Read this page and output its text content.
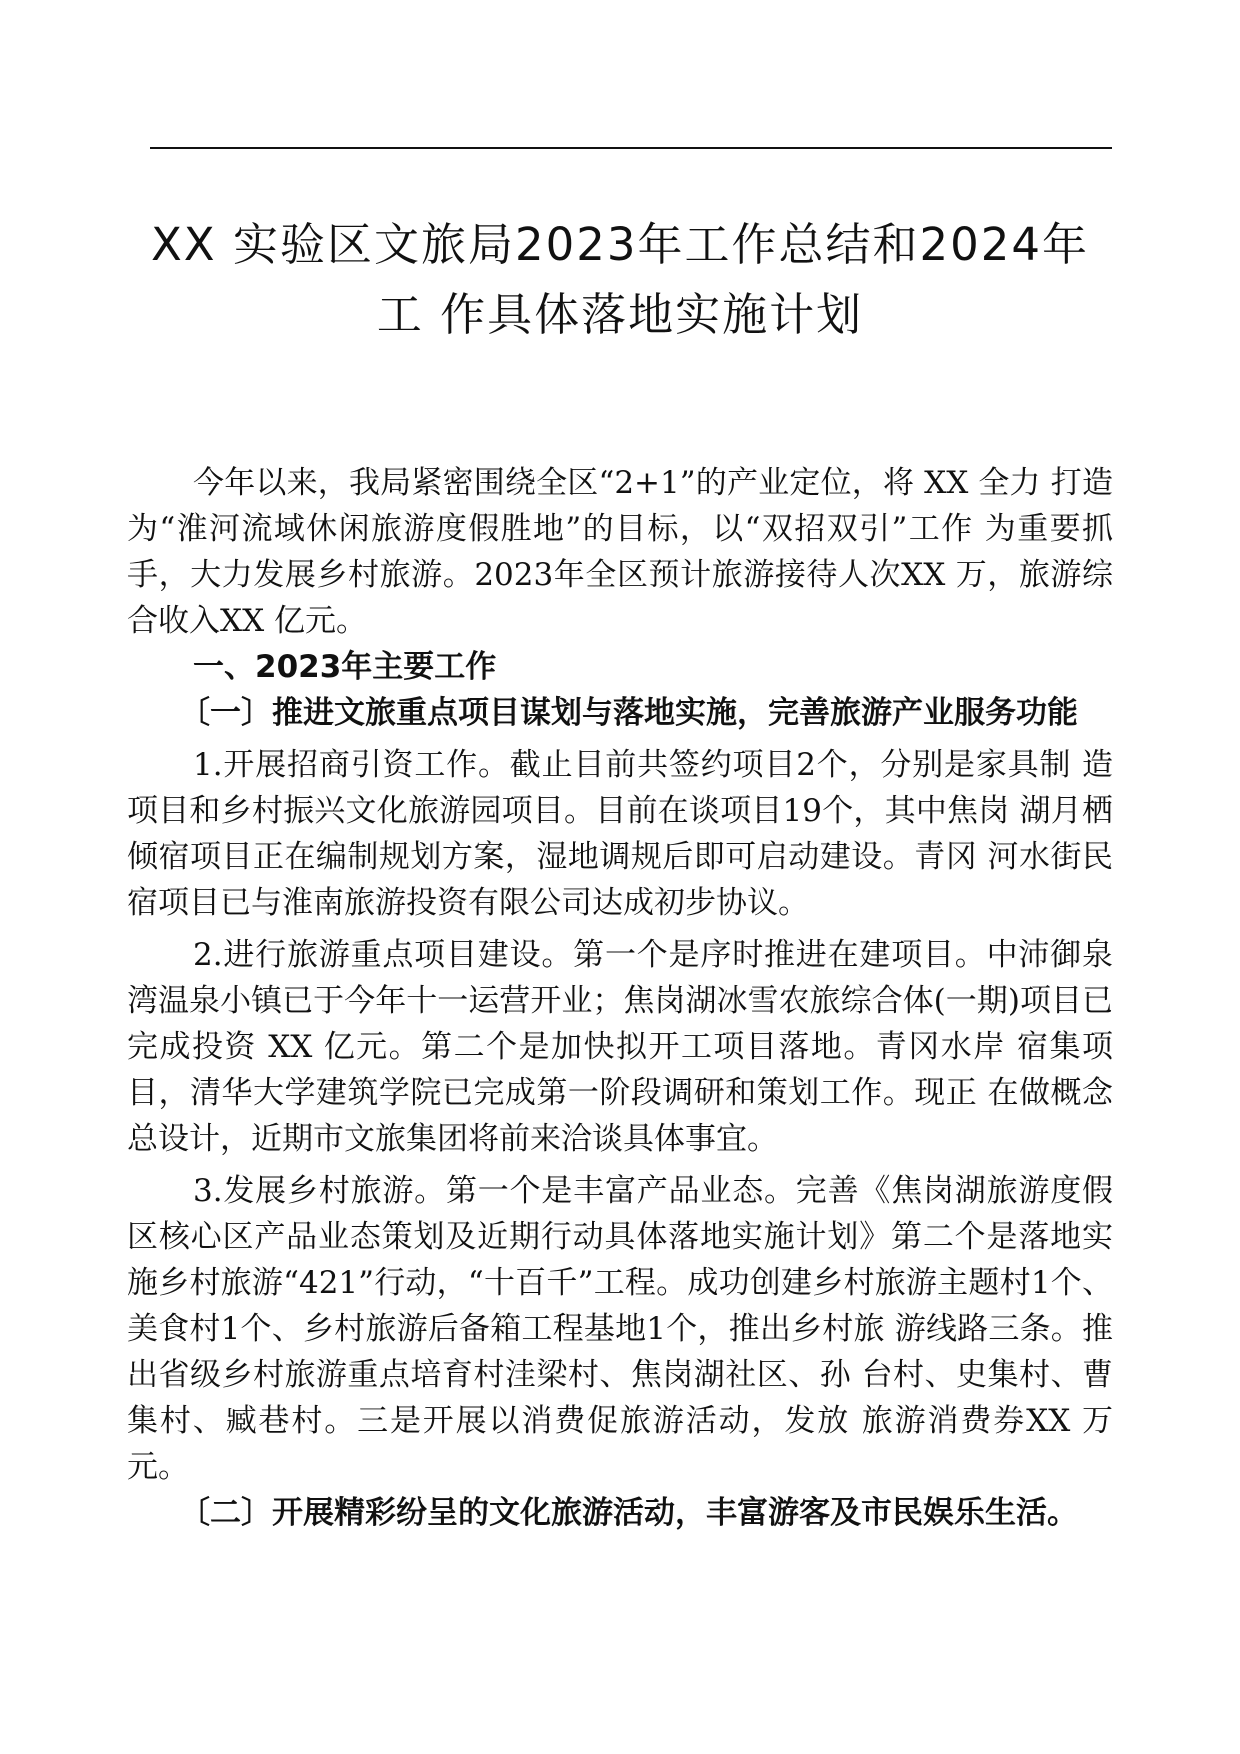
XX 实验区文旅局2023年工作总结和2024年
工 作具体落地实施计划

今年以来，我局紧密围绕全区“2+1”的产业定位，将 XX 全力 打造为“淮河流域休闲旅游度假胜地”的目标，以“双招双引”工作 为重要抓手，大力发展乡村旅游。2023年全区预计旅游接待人次XX 万，旅游综合收入XX 亿元。

一、2023年主要工作

〔一〕推进文旅重点项目谋划与落地实施，完善旅游产业服务功能

1.开展招商引资工作。截止目前共签约项目2个，分别是家具制 造项目和乡村振兴文化旅游园项目。目前在谈项目19个，其中焦岗 湖月栖倾宿项目正在编制规划方案，湿地调规后即可启动建设。青冈 河水街民宿项目已与淮南旅游投资有限公司达成初步协议。

2.进行旅游重点项目建设。第一个是序时推进在建项目。中沛御泉湾温泉小镇已于今年十一运营开业；焦岗湖冰雪农旅综合体(一期)项目已完成投资 XX 亿元。第二个是加快拟开工项目落地。青冈水岸 宿集项目，清华大学建筑学院已完成第一阶段调研和策划工作。现正 在做概念总设计，近期市文旅集团将前来洽谈具体事宜。

3.发展乡村旅游。第一个是丰富产品业态。完善《焦岗湖旅游度假区核心区产品业态策划及近期行动具体落地实施计划》第二个是落地实施乡村旅游“421”行动，“十百千”工程。成功创建乡村旅游主题村1个、美食村1个、乡村旅游后备箱工程基地1个，推出乡村旅 游线路三条。推出省级乡村旅游重点培育村洼梁村、焦岗湖社区、孙 台村、史集村、曹集村、臧巷村。三是开展以消费促旅游活动，发放 旅游消费券XX 万元。

〔二〕开展精彩纷呈的文化旅游活动，丰富游客及市民娱乐生活。
